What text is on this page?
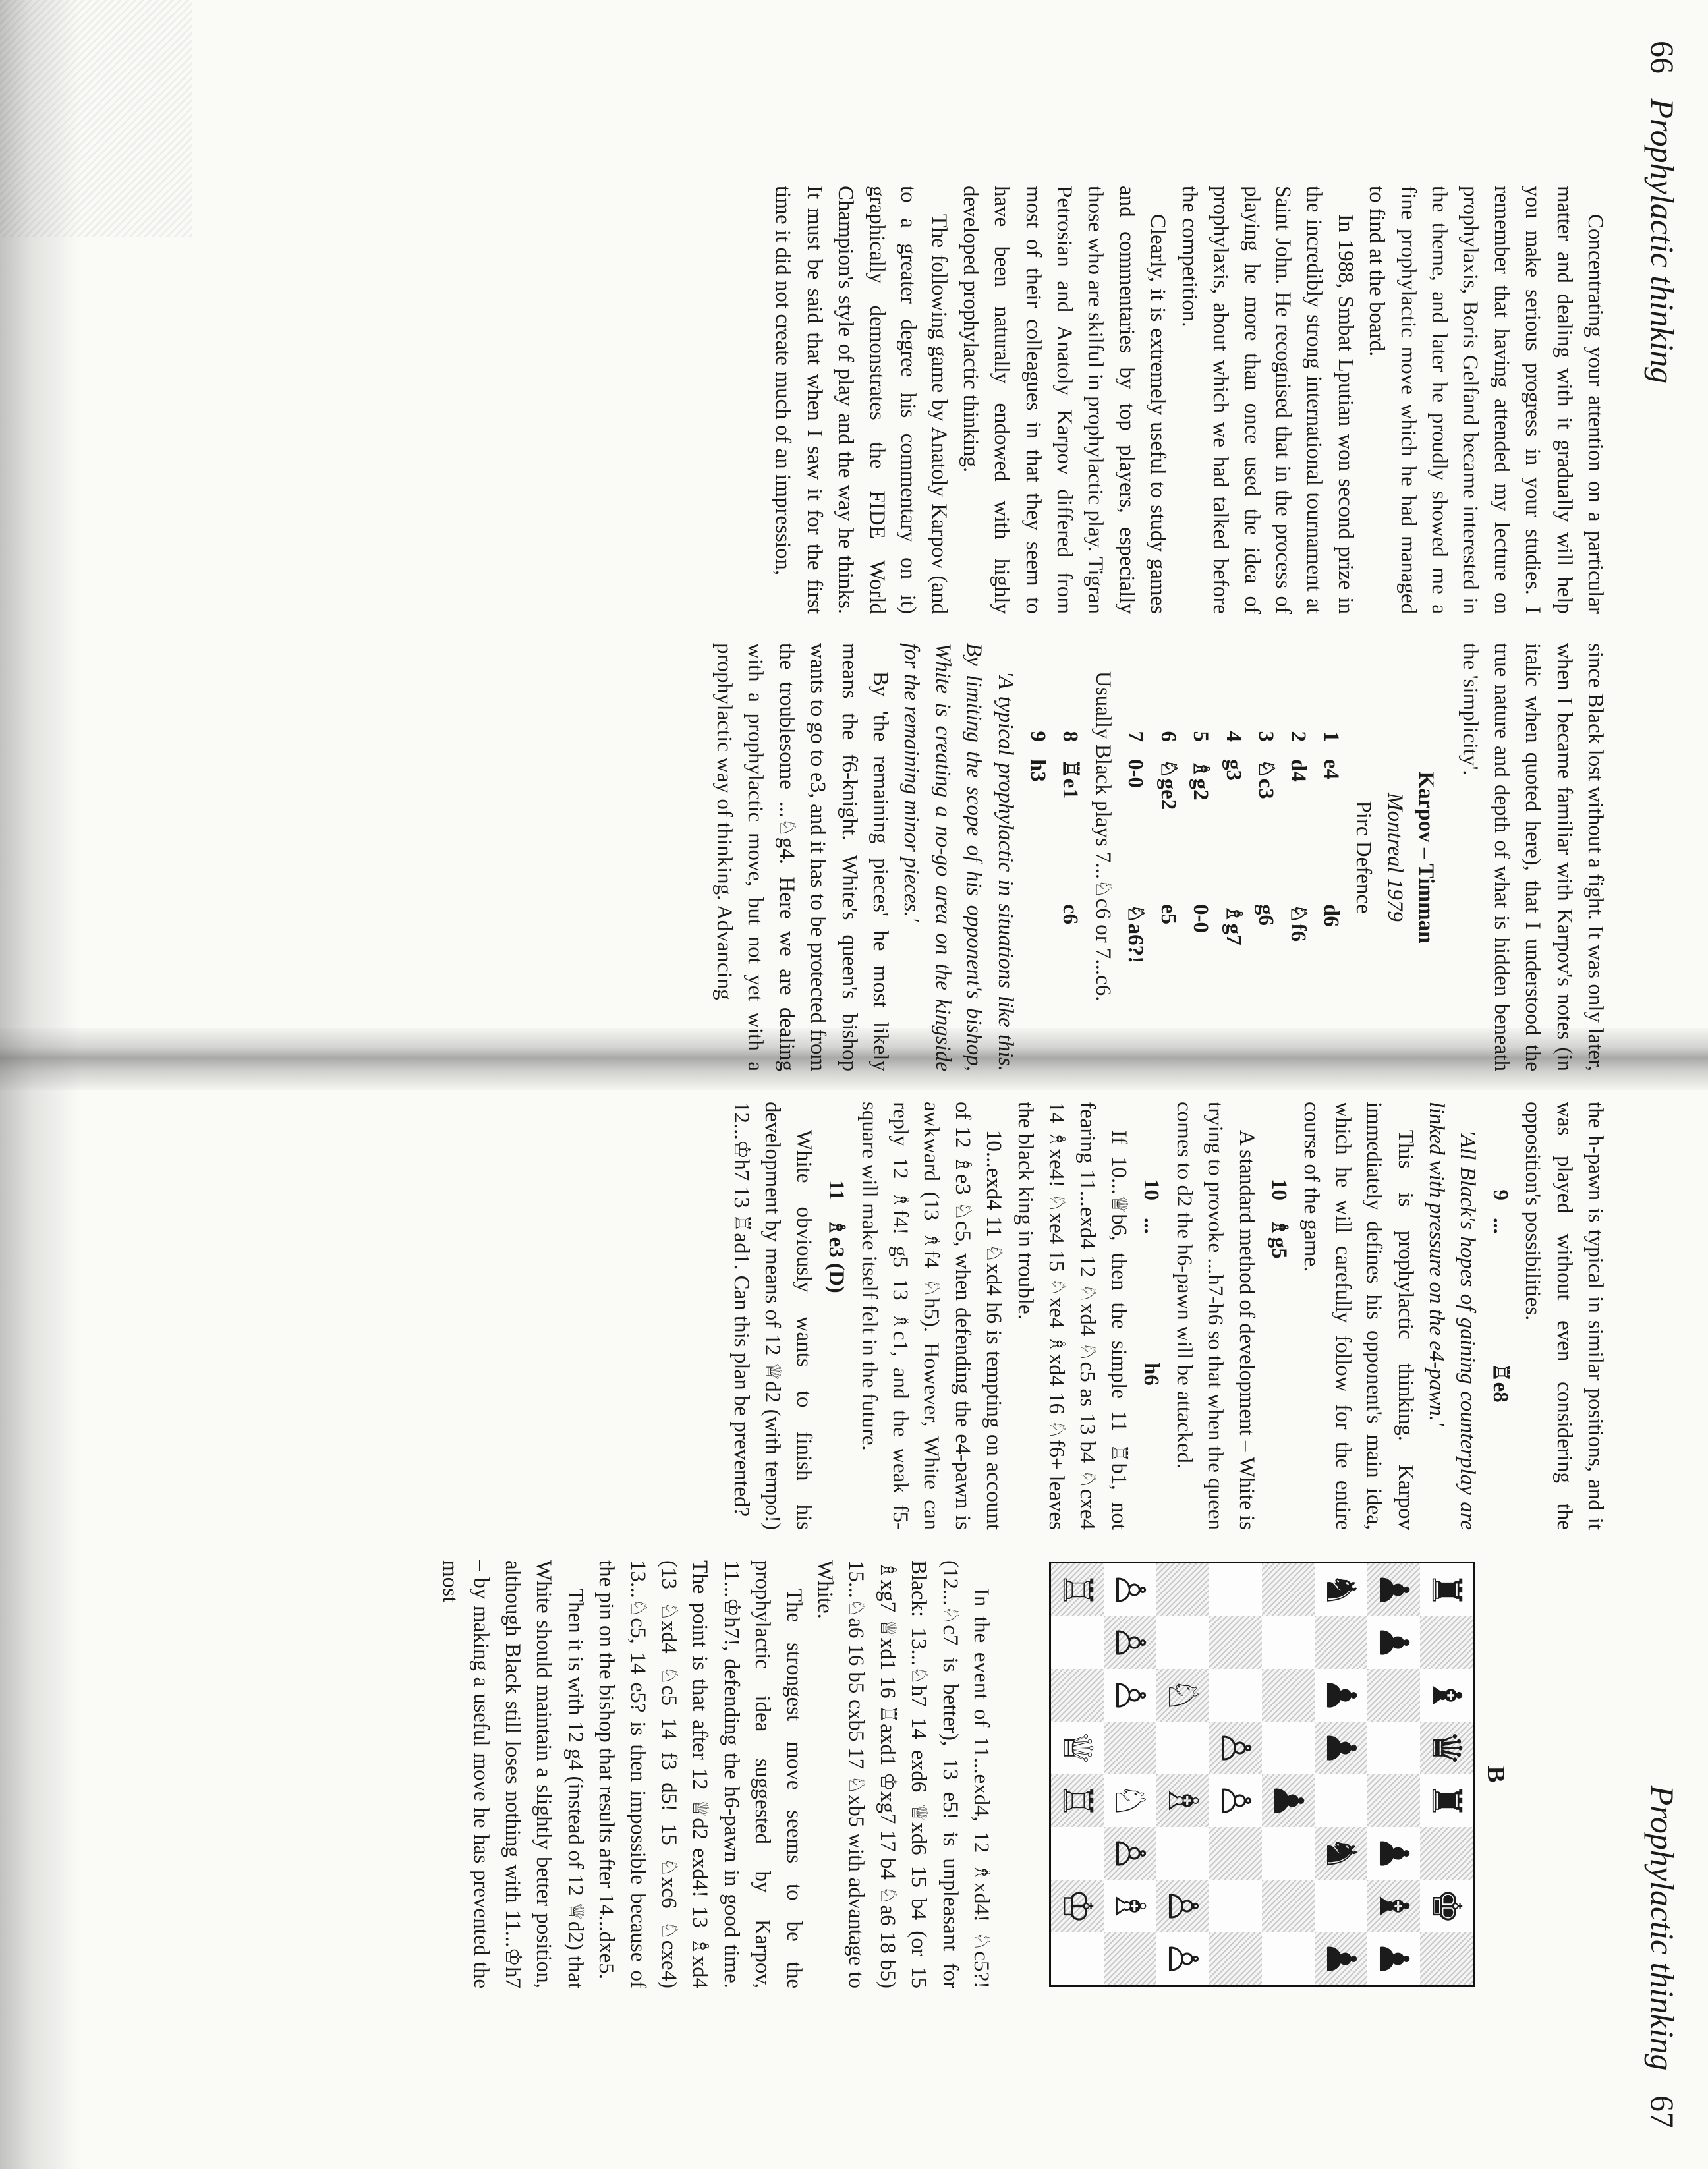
66   Prophylactic thinking

Concentrating your attention on a particular matter and dealing with it gradually will help you make serious progress in your studies. I remember that having attended my lecture on prophylaxis, Boris Gelfand became interested in the theme, and later he proudly showed me a fine prophylactic move which he had managed to find at the board.

In 1988, Smbat Lputian won second prize in the incredibly strong international tournament at Saint John. He recognised that in the process of playing he more than once used the idea of prophylaxis, about which we had talked before the competition.

Clearly, it is extremely useful to study games and commentaries by top players, especially those who are skilful in prophylactic play. Tigran Petrosian and Anatoly Karpov differed from most of their colleagues in that they seem to have been naturally endowed with highly developed prophylactic thinking.

The following game by Anatoly Karpov (and to a greater degree his commentary on it) graphically demonstrates the FIDE World Champion's style of play and the way he thinks. It must be said that when I saw it for the first time it did not create much of an impression,

since Black lost without a fight. It was only later, when I became familiar with Karpov's notes (in italic when quoted here), that I understood the true nature and depth of what is hidden beneath the 'simplicity'.

Karpov – Timman

Montreal 1979

Pirc Defence

1e4d6

2d4♘f6

3♘c3g6

4g3♗g7

5♗g20-0

6♘ge2e5

70-0♘a6?!

Usually Black plays 7...♘c6 or 7...c6.

8♖e1c6

9h3

'A typical prophylactic in situations like this. By limiting the scope of his opponent's bishop, White is creating a no-go area on the kingside for the remaining minor pieces.'

By 'the remaining pieces' he most likely means the f6-knight. White's queen's bishop wants to go to e3, and it has to be protected from the troublesome ...♘g4. Here we are dealing with a prophylactic move, but not yet with a prophylactic way of thinking. Advancing

Prophylactic thinking   67

the h-pawn is typical in similar positions, and it was played without even considering the opposition's possibilities.

9...♖e8

'All Black's hopes of gaining counterplay are linked with pressure on the e4-pawn.'

This is prophylactic thinking. Karpov immediately defines his opponent's main idea, which he will carefully follow for the entire course of the game.

10♗g5

A standard method of development – White is trying to provoke ...h7-h6 so that when the queen comes to d2 the h6-pawn will be attacked.

10...h6

If 10...♕b6, then the simple 11 ♖b1, not fearing 11...exd4 12 ♘xd4 ♘c5 as 13 b4 ♘cxe4 14 ♗xe4! ♘xe4 15 ♘xe4 ♗xd4 16 ♘f6+ leaves the black king in trouble.

10...exd4 11 ♘xd4 h6 is tempting on account of 12 ♗e3 ♘c5, when defending the e4-pawn is awkward (13 ♗f4 ♘h5). However, White can reply 12 ♗f4! g5 13 ♗c1, and the weak f5-square will make itself felt in the future.

11♗e3 (D)

White obviously wants to finish his development by means of 12 ♕d2 (with tempo!) 12...♔h7 13 ♖ad1. Can this plan be prevented?

B
♜
♝
♛
♜
♚
♟
♟
♟
♝
♟
♞
♟
♟
♞
♟
♟
♙
♙
♘
♗
♙
♙
♙
♙
♙
♘
♙
♗
♖
♕
♖
♔

In the event of 11...exd4, 12 ♗xd4! ♘c5?! (12...♘c7 is better), 13 e5! is unpleasant for Black: 13...♘h7 14 exd6 ♕xd6 15 b4 (or 15 ♗xg7 ♕xd1 16 ♖axd1 ♔xg7 17 b4 ♘a6 18 b5) 15...♘a6 16 b5 cxb5 17 ♘xb5 with advantage to White.

The strongest move seems to be the prophylactic idea suggested by Karpov, 11...♔h7!, defending the h6-pawn in good time. The point is that after 12 ♕d2 exd4! 13 ♗xd4 (13 ♘xd4 ♘c5 14 f3 d5! 15 ♘xc6 ♘cxe4) 13...♘c5, 14 e5? is then impossible because of the pin on the bishop that results after 14...dxe5.

Then it is with 12 g4 (instead of 12 ♕d2) that White should maintain a slightly better position, although Black still loses nothing with 11...♔h7 – by making a useful move he has prevented the most
